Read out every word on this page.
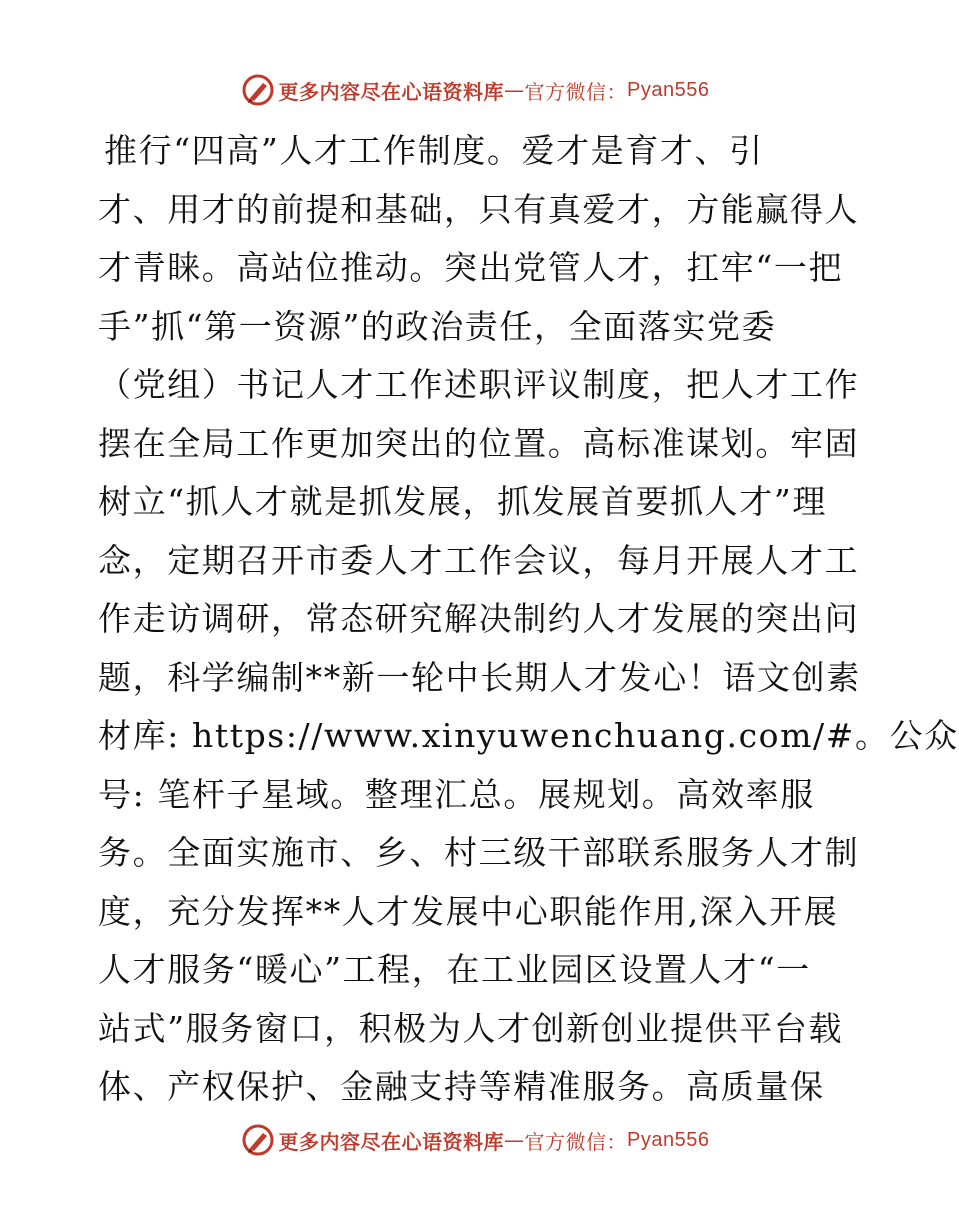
更多内容尽在心语资料库 — 官方微信： Pyan556
推行“四高”人才工作制度。爱才是育才、引
才、用才的前提和基础，只有真爱才，方能赢得人
才青睐。高站位推动。突出党管人才，扛牢“一把
手”抓“第一资源”的政治责任，全面落实党委
（党组）书记人才工作述职评议制度，把人才工作
摆在全局工作更加突出的位置。高标准谋划。牢固
树立“抓人才就是抓发展，抓发展首要抓人才”理
念，定期召开市委人才工作会议，每月开展人才工
作走访调研，常态研究解决制约人才发展的突出问
题，科学编制**新一轮中长期人才发心！语文创素
材库: https://www.xinyuwenchuang.com/#。公众
号: 笔杆子星域。整理汇总。展规划。高效率服
务。全面实施市、乡、村三级干部联系服务人才制
度，充分发挥**人才发展中心职能作用,深入开展
人才服务“暖心”工程，在工业园区设置人才“一
站式”服务窗口，积极为人才创新创业提供平台载
体、产权保护、金融支持等精准服务。高质量保
更多内容尽在心语资料库 — 官方微信： Pyan556
